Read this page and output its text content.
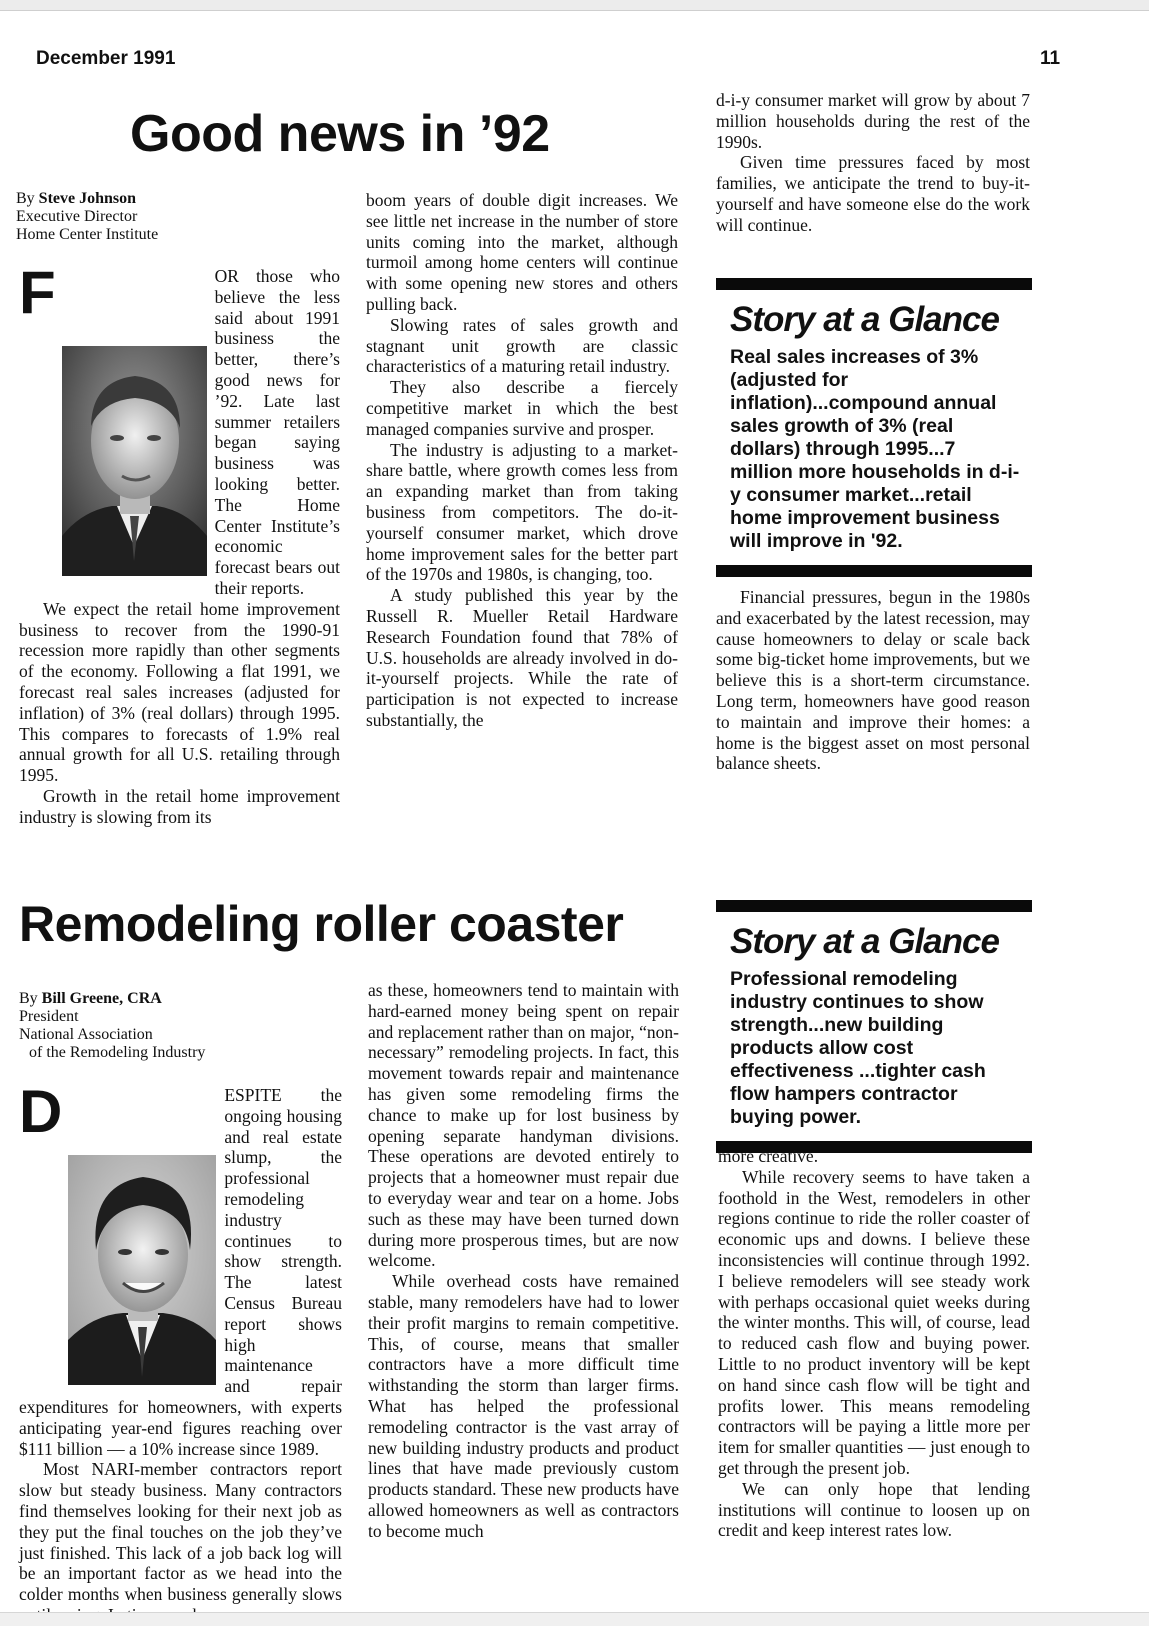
December 1991	11
Good news in ’92
By Steve Johnson
Executive Director
Home Center Institute
F	OR those who believe the less said about 1991 business the better, there’s good news for ’92. Late last summer retailers began saying business was looking better. The Home Center Institute’s economic forecast bears out their reports.

We expect the retail home improvement business to recover from the 1990-91 recession more rapidly than other segments of the economy. Following a flat 1991, we forecast real sales increases (adjusted for inflation) of 3% (real dollars) through 1995. This compares to forecasts of 1.9% real annual growth for all U.S. retailing through 1995.

Growth in the retail home improvement industry is slowing from its

boom years of double digit increases. We see little net increase in the number of store units coming into the market, although turmoil among home centers will continue with some opening new stores and others pulling back.

Slowing rates of sales growth and stagnant unit growth are classic characteristics of a maturing retail industry.

They also describe a fiercely competitive market in which the best managed companies survive and prosper.

The industry is adjusting to a market-share battle, where growth comes less from an expanding market than from taking business from competitors. The do-it-yourself consumer market, which drove home improvement sales for the better part of the 1970s and 1980s, is changing, too.

A study published this year by the Russell R. Mueller Retail Hardware Research Foundation found that 78% of U.S. households are already involved in do-it-yourself projects. While the rate of participation is not expected to increase substantially, the

d-i-y consumer market will grow by about 7 million households during the rest of the 1990s.

Given time pressures faced by most families, we anticipate the trend to buy-it-yourself and have someone else do the work will continue.

Story at a Glance
Real sales increases of 3% (adjusted for inflation)...compound annual sales growth of 3% (real dollars) through 1995...7 million more households in d-i-y consumer market...retail home improvement business will improve in '92.

Financial pressures, begun in the 1980s and exacerbated by the latest recession, may cause homeowners to delay or scale back some big-ticket home improvements, but we believe this is a short-term circumstance. Long term, homeowners have good reason to maintain and improve their homes: a home is the biggest asset on most personal balance sheets.

Remodeling roller coaster	Story at a Glance
Professional remodeling industry continues to show strength...new building products allow cost effectiveness ...tighter cash flow hampers contractor buying power.
By Bill Greene, CRA
President
National Association
of the Remodeling Industry
D	ESPITE the ongoing housing and real estate slump, the professional remodeling industry continues to show strength. The latest Census Bureau report shows high maintenance and repair expenditures for homeowners, with experts anticipating year-end figures reaching over $111 billion — a 10% increase since 1989.

Most NARI-member contractors report slow but steady business. Many contractors find themselves looking for their next job as they put the final touches on the job they’ve just finished. This lack of a job back log will be an important factor as we head into the colder months when business generally slows

as these, homeowners tend to maintain with hard-earned money being spent on repair and replacement rather than on major, “non-necessary” remodeling projects. In fact, this movement towards repair and maintenance has given some remodeling firms the chance to make up for lost business by opening separate handyman divisions. These operations are devoted entirely to projects that a homeowner must repair due to everyday wear and tear on a home. Jobs such as these may have been turned down during more prosperous times, but are now welcome.

While overhead costs have remained stable, many remodelers have had to lower their profit margins to remain competitive. This, of course, means that smaller contractors have a more difficult time withstanding the storm than larger firms. What has helped the professional remodeling contractor is the vast array of new building industry products and product lines that have made previously custom products standard. These new products have allowed homeowners as well as contractors to become much

more creative.

While recovery seems to have taken a foothold in the West, remodelers in other regions continue to ride the roller coaster of economic ups and downs. I believe these inconsistencies will continue through 1992. I believe remodelers will see steady work with perhaps occasional quiet weeks during the winter months. This will, of course, lead to reduced cash flow and buying power. Little to no product inventory will be kept on hand since cash flow will be tight and profits lower. This means remodeling contractors will be paying a little more per item for smaller quantities — just enough to get through the present job.

We can only hope that lending institutions will continue to loosen up on credit and keep interest rates low.
